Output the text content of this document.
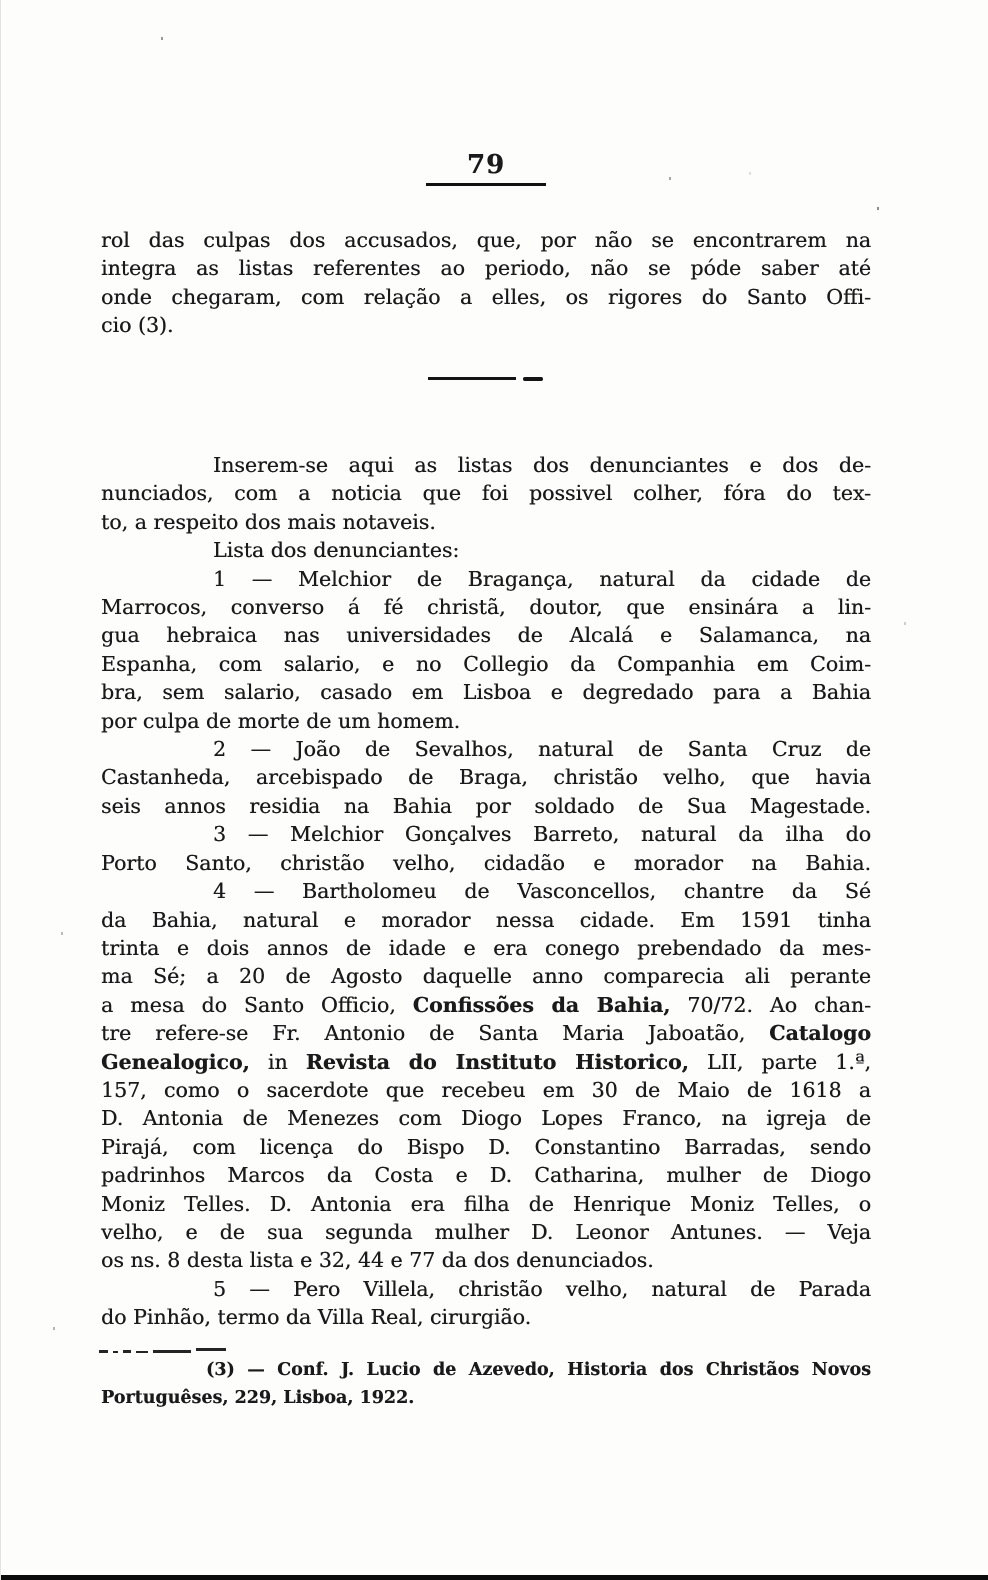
79
rol das culpas dos accusados, que, por não se encontrarem na
integra as listas referentes ao periodo, não se póde saber até
onde chegaram, com relação a elles, os rigores do Santo Offi-
cio (3).
Inserem-se aqui as listas dos denunciantes e dos de-
nunciados, com a noticia que foi possivel colher, fóra do tex-
to, a respeito dos mais notaveis.
Lista dos denunciantes:
1 — Melchior de Bragança, natural da cidade de
Marrocos, converso á fé christã, doutor, que ensinára a lin-
gua hebraica nas universidades de Alcalá e Salamanca, na
Espanha, com salario, e no Collegio da Companhia em Coim-
bra, sem salario, casado em Lisboa e degredado para a Bahia
por culpa de morte de um homem.
2 — João de Sevalhos, natural de Santa Cruz de
Castanheda, arcebispado de Braga, christão velho, que havia
seis annos residia na Bahia por soldado de Sua Magestade.
3 — Melchior Gonçalves Barreto, natural da ilha do
Porto Santo, christão velho, cidadão e morador na Bahia.
4 — Bartholomeu de Vasconcellos, chantre da Sé
da Bahia, natural e morador nessa cidade. Em 1591 tinha
trinta e dois annos de idade e era conego prebendado da mes-
ma Sé; a 20 de Agosto daquelle anno comparecia ali perante
a mesa do Santo Officio, Confissões da Bahia, 70/72. Ao chan-
tre refere-se Fr. Antonio de Santa Maria Jaboatão, Catalogo
Genealogico, in Revista do Instituto Historico, LII, parte 1.ª,
157, como o sacerdote que recebeu em 30 de Maio de 1618 a
D. Antonia de Menezes com Diogo Lopes Franco, na igreja de
Pirajá, com licença do Bispo D. Constantino Barradas, sendo
padrinhos Marcos da Costa e D. Catharina, mulher de Diogo
Moniz Telles. D. Antonia era filha de Henrique Moniz Telles, o
velho, e de sua segunda mulher D. Leonor Antunes. — Veja
os ns. 8 desta lista e 32, 44 e 77 da dos denunciados.
5 — Pero Villela, christão velho, natural de Parada
do Pinhão, termo da Villa Real, cirurgião.
(3) — Conf. J. Lucio de Azevedo, Historia dos Christãos Novos
Portuguêses, 229, Lisboa, 1922.
